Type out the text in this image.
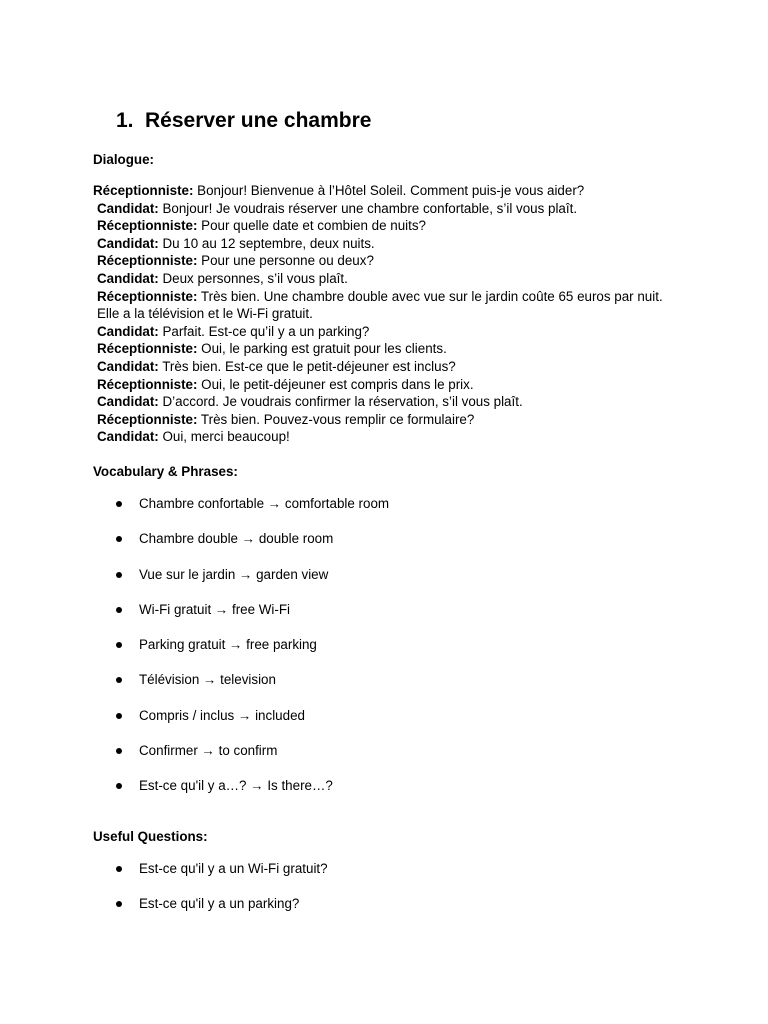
1. Réserver une chambre

Dialogue:

Réceptionniste: Bonjour! Bienvenue à l’Hôtel Soleil. Comment puis-je vous aider?

Candidat: Bonjour! Je voudrais réserver une chambre confortable, s’il vous plaît.

Réceptionniste: Pour quelle date et combien de nuits?

Candidat: Du 10 au 12 septembre, deux nuits.

Réceptionniste: Pour une personne ou deux?

Candidat: Deux personnes, s’il vous plaît.

Réceptionniste: Très bien. Une chambre double avec vue sur le jardin coûte 65 euros par nuit. Elle a la télévision et le Wi-Fi gratuit.

Candidat: Parfait. Est-ce qu’il y a un parking?

Réceptionniste: Oui, le parking est gratuit pour les clients.

Candidat: Très bien. Est-ce que le petit-déjeuner est inclus?

Réceptionniste: Oui, le petit-déjeuner est compris dans le prix.

Candidat: D’accord. Je voudrais confirmer la réservation, s’il vous plaît.

Réceptionniste: Très bien. Pouvez-vous remplir ce formulaire?

Candidat: Oui, merci beaucoup!

Vocabulary & Phrases:

Chambre confortable → comfortable room
Chambre double → double room
Vue sur le jardin → garden view
Wi-Fi gratuit → free Wi-Fi
Parking gratuit → free parking
Télévision → television
Compris / inclus → included
Confirmer → to confirm
Est-ce qu'il y a…? → Is there…?

Useful Questions:

Est-ce qu'il y a un Wi-Fi gratuit?
Est-ce qu'il y a un parking?
